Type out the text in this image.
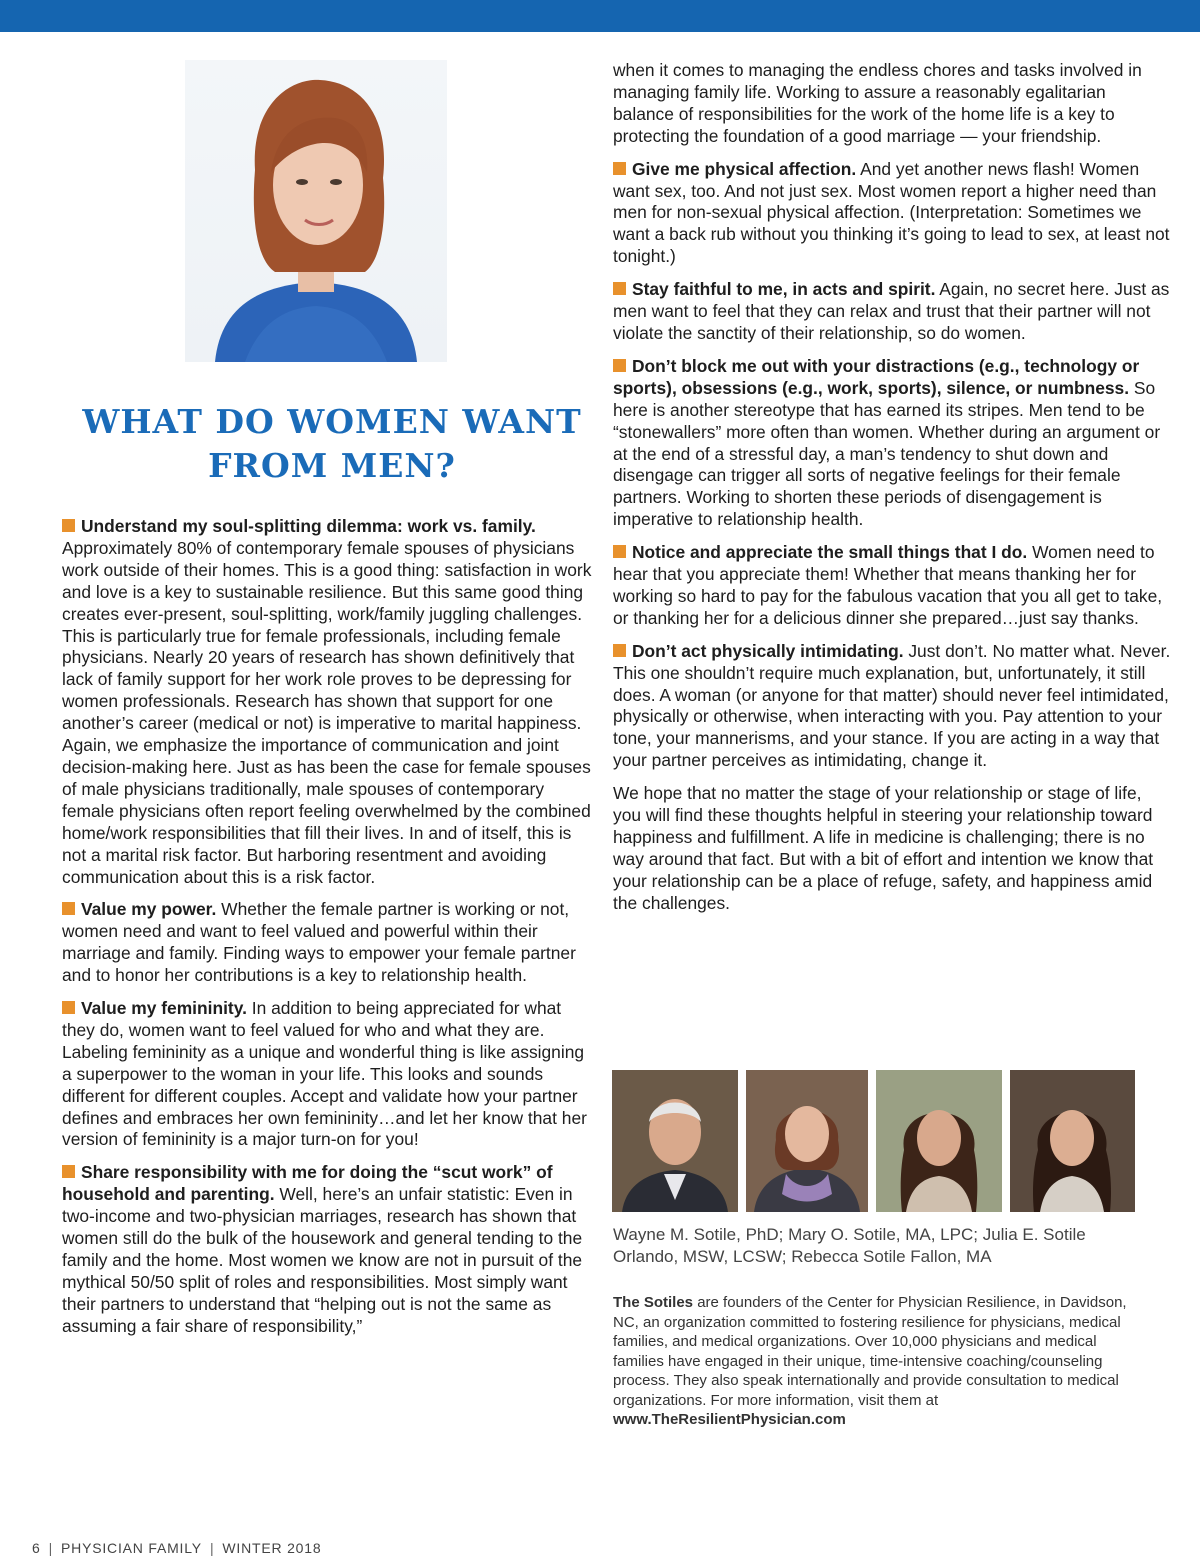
WHAT DO WOMEN WANT FROM MEN?

Understand my soul-splitting dilemma: work vs. family. Approximately 80% of contemporary female spouses of physicians work outside of their homes. This is a good thing: satisfaction in work and love is a key to sustainable resilience. But this same good thing creates ever-present, soul-splitting, work/family juggling challenges. This is particularly true for female professionals, including female physicians. Nearly 20 years of research has shown definitively that lack of family support for her work role proves to be depressing for women professionals. Research has shown that support for one another’s career (medical or not) is imperative to marital happiness. Again, we emphasize the importance of communication and joint decision-making here. Just as has been the case for female spouses of male physicians traditionally, male spouses of contemporary female physicians often report feeling overwhelmed by the combined home/work responsibilities that fill their lives. In and of itself, this is not a marital risk factor. But harboring resentment and avoiding communication about this is a risk factor.

Value my power. Whether the female partner is working or not, women need and want to feel valued and powerful within their marriage and family. Finding ways to empower your female partner and to honor her contributions is a key to relationship health.

Value my femininity. In addition to being appreciated for what they do, women want to feel valued for who and what they are. Labeling femininity as a unique and wonderful thing is like assigning a superpower to the woman in your life. This looks and sounds different for different couples. Accept and validate how your partner defines and embraces her own femininity…and let her know that her version of femininity is a major turn-on for you!

Share responsibility with me for doing the “scut work” of household and parenting. Well, here’s an unfair statistic: Even in two-income and two-physician marriages, research has shown that women still do the bulk of the housework and general tending to the family and the home. Most women we know are not in pursuit of the mythical 50/50 split of roles and responsibilities. Most simply want their partners to understand that “helping out is not the same as assuming a fair share of responsibility,”

when it comes to managing the endless chores and tasks involved in managing family life. Working to assure a reasonably egalitarian balance of responsibilities for the work of the home life is a key to protecting the foundation of a good marriage — your friendship.

Give me physical affection. And yet another news flash! Women want sex, too. And not just sex. Most women report a higher need than men for non-sexual physical affection. (Interpretation: Sometimes we want a back rub without you thinking it’s going to lead to sex, at least not tonight.)

Stay faithful to me, in acts and spirit. Again, no secret here. Just as men want to feel that they can relax and trust that their partner will not violate the sanctity of their relationship, so do women.

Don’t block me out with your distractions (e.g., technology or sports), obsessions (e.g., work, sports), silence, or numbness. So here is another stereotype that has earned its stripes. Men tend to be “stonewallers” more often than women. Whether during an argument or at the end of a stressful day, a man’s tendency to shut down and disengage can trigger all sorts of negative feelings for their female partners. Working to shorten these periods of disengagement is imperative to relationship health.

Notice and appreciate the small things that I do. Women need to hear that you appreciate them! Whether that means thanking her for working so hard to pay for the fabulous vacation that you all get to take, or thanking her for a delicious dinner she prepared…just say thanks.

Don’t act physically intimidating. Just don’t. No matter what. Never. This one shouldn’t require much explanation, but, unfortunately, it still does. A woman (or anyone for that matter) should never feel intimidated, physically or otherwise, when interacting with you. Pay attention to your tone, your mannerisms, and your stance. If you are acting in a way that your partner perceives as intimidating, change it.

We hope that no matter the stage of your relationship or stage of life, you will find these thoughts helpful in steering your relationship toward happiness and fulfillment. A life in medicine is challenging; there is no way around that fact. But with a bit of effort and intention we know that your relationship can be a place of refuge, safety, and happiness amid the challenges.

Wayne M. Sotile, PhD; Mary O. Sotile, MA, LPC; Julia E. Sotile Orlando, MSW, LCSW; Rebecca Sotile Fallon, MA
The Sotiles are founders of the Center for Physician Resilience, in Davidson, NC, an organization committed to fostering resilience for physicians, medical families, and medical organizations. Over 10,000 physicians and medical families have engaged in their unique, time-intensive coaching/counseling process. They also speak internationally and provide consultation to medical organizations. For more information, visit them at
www.TheResilientPhysician.com
6 | PHYSICIAN FAMILY | WINTER 2018
